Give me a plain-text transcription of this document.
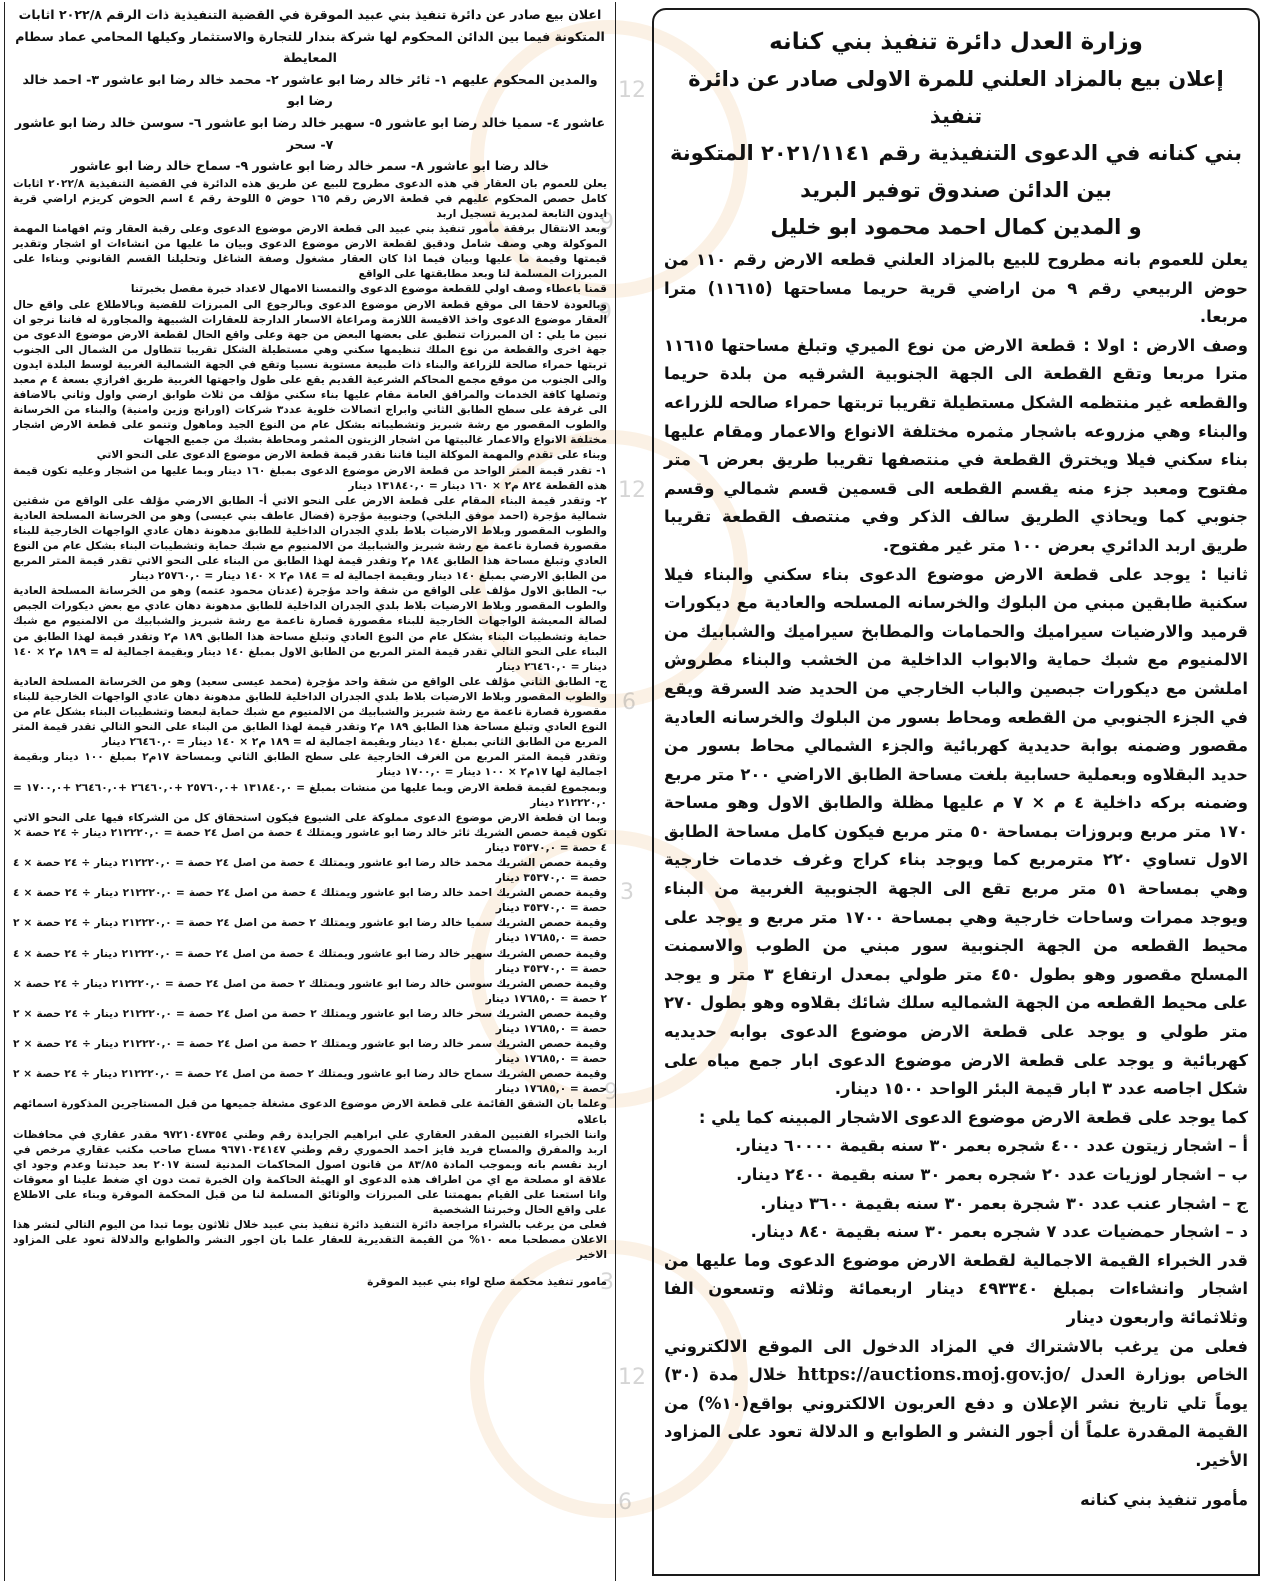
12
9
6
3
12
9
6
3
12
9

وزارة العدل دائرة تنفيذ بني كنانه

إعلان بيع بالمزاد العلني للمرة الاولى صادر عن دائرة تنفيذ

بني كنانه في الدعوى التنفيذية رقم ٢٠٢١/١١٤١ المتكونة

بين الدائن صندوق توفير البريد

و المدين كمال احمد محمود ابو خليل

يعلن للعموم بانه مطروح للبيع بالمزاد العلني قطعه الارض رقم ١١٠ من حوض الربيعي رقم ٩ من اراضي قرية حريما مساحتها (١١٦١٥) مترا مربعا.

وصف الارض : اولا : قطعة الارض من نوع الميري وتبلغ مساحتها ١١٦١٥ مترا مربعا وتقع القطعة الى الجهة الجنوبية الشرقيه من بلدة حريما والقطعه غير منتظمه الشكل مستطيلة تقريبا تربتها حمراء صالحه للزراعه والبناء وهي مزروعه باشجار مثمره مختلفة الانواع والاعمار ومقام عليها بناء سكني فيلا ويخترق القطعة في منتصفها تقريبا طريق بعرض ٦ متر مفتوح ومعبد جزء منه يقسم القطعه الى قسمين قسم شمالي وقسم جنوبي كما ويحاذي الطريق سالف الذكر وفي منتصف القطعة تقريبا طريق اربد الدائري بعرض ١٠٠ متر غير مفتوح.

ثانيا : يوجد على قطعة الارض موضوع الدعوى بناء سكني والبناء فيلا سكنية طابقين مبني من البلوك والخرسانه المسلحه والعادية مع ديكورات قرميد والارضيات سيراميك والحمامات والمطابخ سيراميك والشبابيك من الالمنيوم مع شبك حماية والابواب الداخلية من الخشب والبناء مطروش املشن مع ديكورات جبصين والباب الخارجي من الحديد ضد السرقة ويقع في الجزء الجنوبي من القطعه ومحاط بسور من البلوك والخرسانه العادية مقصور وضمنه بوابة حديدية كهربائية والجزء الشمالي محاط بسور من حديد البقلاوه وبعملية حسابية بلغت مساحة الطابق الاراضي ٢٠٠ متر مربع وضمنه بركه داخلية ٤ م × ٧ م عليها مظلة والطابق الاول وهو مساحة ١٧٠ متر مربع وبروزات بمساحة ٥٠ متر مربع فيكون كامل مساحة الطابق الاول تساوي ٢٢٠ مترمربع كما ويوجد بناء كراج وغرف خدمات خارجية وهي بمساحة ٥١ متر مربع تقع الى الجهة الجنوبية الغربية من البناء ويوجد ممرات وساحات خارجية وهي بمساحة ١٧٠٠ متر مربع و يوجد على محيط القطعه من الجهة الجنوبية سور مبني من الطوب والاسمنت المسلح مقصور وهو بطول ٤٥٠ متر طولي بمعدل ارتفاع ٣ متر و يوجد على محيط القطعه من الجهة الشماليه سلك شائك بقلاوه وهو بطول ٢٧٠ متر طولي و يوجد على قطعة الارض موضوع الدعوى بوابه حديديه كهربائية و يوجد على قطعة الارض موضوع الدعوى ابار جمع مياه على شكل اجاصه عدد ٣ ابار قيمة البئر الواحد ١٥٠٠ دينار.

كما يوجد على قطعة الارض موضوع الدعوى الاشجار المبينه كما يلي :

أ – اشجار زيتون عدد ٤٠٠ شجره بعمر ٣٠ سنه بقيمة ٦٠٠٠٠ دينار.

ب – اشجار لوزيات عدد ٢٠ شجره بعمر ٣٠ سنه بقيمة ٢٤٠٠ دينار.

ج – اشجار عنب عدد ٣٠ شجرة بعمر ٣٠ سنه بقيمة ٣٦٠٠ دينار.

د – اشجار حمضيات عدد ٧ شجره بعمر ٣٠ سنه بقيمة ٨٤٠ دينار.

قدر الخبراء القيمة الاجمالية لقطعة الارض موضوع الدعوى وما عليها من اشجار وانشاءات بمبلغ ٤٩٣٣٤٠ دينار اربعمائة وثلاثه وتسعون الفا وثلاثمائة واربعون دينار

فعلى من يرغب بالاشتراك في المزاد الدخول الى الموقع الالكتروني الخاص بوزارة العدل https://auctions.moj.gov.jo/ خلال مدة (٣٠) يوماً تلي تاريخ نشر الإعلان و دفع العربون الالكتروني بواقع(١٠%) من القيمة المقدرة علماً أن أجور النشر و الطوابع و الدلالة تعود على المزاود الأخير.

مأمور تنفيذ بني كنانه

اعلان بيع صادر عن دائرة تنفيذ بني عبيد الموقرة في القضية التنفيذية ذات الرقم ٢٠٢٢/٨ اثابات

المتكونة فيما بين الدائن المحكوم لها شركة بندار للتجارة والاستثمار وكيلها المحامي عماد سطام المعايطة

والمدين المحكوم عليهم ١- ثائر خالد رضا ابو عاشور ٢- محمد خالد رضا ابو عاشور ٣- احمد خالد رضا ابو

عاشور ٤- سميا خالد رضا ابو عاشور ٥- سهير خالد رضا ابو عاشور ٦- سوسن خالد رضا ابو عاشور ٧- سحر

خالد رضا ابو عاشور ٨- سمر خالد رضا ابو عاشور ٩- سماح خالد رضا ابو عاشور

يعلن للعموم بان العقار في هذه الدعوى مطروح للبيع عن طريق هذه الدائرة في القضية التنفيذية ٢٠٢٢/٨ اثابات كامل حصص المحكوم عليهم في قطعة الارض رقم ١٦٥ حوض ٥ اللوحة رقم ٤ اسم الحوض كريزم اراضي قرية ايدون التابعة لمديرية تسجيل اربد

وبعد الانتقال برفقة مأمور تنفيذ بني عبيد الى قطعة الارض موضوع الدعوى وعلى رقبة العقار وتم افهامنا المهمة الموكولة وهي وصف شامل ودقيق لقطعة الارض موضوع الدعوى وبيان ما عليها من انشاءات او اشجار وتقدير قيمتها وقيمة ما عليها وبيان فيما اذا كان العقار مشغول وصفة الشاغل وتحليلنا القسم القانوني وبناءا على المبرزات المسلمة لنا وبعد مطابقتها على الواقع

قمنا باعطاء وصف اولي للقطعة موضوع الدعوى والتمسنا الامهال لاعداد خبرة مفصل بخبرتنا

وبالعودة لاحقا الى موقع قطعة الارض موضوع الدعوى وبالرجوع الى المبرزات للقضية وبالاطلاع على واقع حال العقار موضوع الدعوى واخذ الاقيسة اللازمة ومراعاة الاسعار الدارجة للعقارات الشبيهة والمجاورة له فاننا نرجو ان نبين ما يلي : ان المبرزات تنطبق على بعضها البعض من جهة وعلى واقع الحال لقطعة الارض موضوع الدعوى من جهة اخرى والقطعة من نوع الملك تنظيمها سكني وهي مستطيلة الشكل تقريبا تتطاول من الشمال الى الجنوب تربتها حمراء صالحة للزراعة والبناء ذات طبيعة مستوية نسبيا وتقع في الجهة الشمالية الغربية لوسط البلدة ايدون والى الجنوب من موقع مجمع المحاكم الشرعية القديم يقع على طول واجهتها الغربية طريق افرازي بسعة ٤ م معبد وتصلها كافة الخدمات والمرافق العامة مقام عليها بناء سكني مؤلف من ثلاث طوابق ارضي واول وثاني بالاضافة الى غرفة على سطح الطابق الثاني وابراج اتصالات خلوية عدد٣ شركات (اورانج وزين وامنية) والبناء من الخرسانة والطوب المقصور مع رشة شبريز وتشطيباته بشكل عام من النوع الجيد وماهول وتنمو على قطعة الارض اشجار مختلفة الانواع والاعمار غالبيتها من اشجار الزيتون المثمر ومحاطة بشبك من جميع الجهات

وبناء على تقدم والمهمة الموكلة الينا فاننا نقدر قيمة قطعة الارض موضوع الدعوى على النحو الاتي

١- تقدر قيمة المتر الواحد من قطعة الارض موضوع الدعوى بمبلغ ١٦٠ دينار وبما عليها من اشجار وعليه تكون قيمة هذه القطعة ٨٢٤ م٢ × ١٦٠ دينار = ١٣١٨٤٠,٠ دينار

٢- وتقدر قيمة البناء المقام على قطعة الارض على النحو الاتي أ- الطابق الارضي مؤلف على الواقع من شقتين شمالية مؤجرة (احمد موفق البلخي) وجنوبية مؤجرة (فضال عاطف بني عيسى) وهو من الخرسانة المسلحة العادية والطوب المقصور وبلاط الارضيات بلاط بلدي الجدران الداخلية للطابق مدهونة دهان عادي الواجهات الخارجية للبناء مقصورة قصارة ناعمة مع رشة شبريز والشبابيك من الالمنيوم مع شبك حماية وتشطيبات البناء بشكل عام من النوع العادي وتبلغ مساحة هذا الطابق ١٨٤ م٢ وتقدر قيمة لهذا الطابق من البناء على النحو الاتي تقدر قيمة المتر المربع من الطابق الارضي بمبلغ ١٤٠ دينار وبقيمة اجمالية له = ١٨٤ م٢ × ١٤٠ دينار = ٢٥٧٦٠,٠ دينار

ب- الطابق الاول مؤلف على الواقع من شقة واحد مؤجرة (عدنان محمود عتمه) وهو من الخرسانة المسلحة العادية والطوب المقصور وبلاط الارضيات بلاط بلدي الجدران الداخلية للطابق مدهونة دهان عادي مع بعض ديكورات الجبص لصالة المعيشة الواجهات الخارجية للبناء مقصورة قصارة ناعمة مع رشة شبريز والشبابيك من الالمنيوم مع شبك حماية وتشطيبات البناء بشكل عام من النوع العادي وتبلغ مساحة هذا الطابق ١٨٩ م٢ وتقدر قيمة لهذا الطابق من البناء على النحو التالي تقدر قيمة المتر المربع من الطابق الاول بمبلغ ١٤٠ دينار وبقيمة اجمالية له = ١٨٩ م٢ × ١٤٠ دينار = ٢٦٤٦٠,٠ دينار

ج- الطابق الثاني مؤلف على الواقع من شقة واحد مؤجرة (محمد عيسى سعيد) وهو من الخرسانة المسلحة العادية والطوب المقصور وبلاط الارضيات بلاط بلدي الجدران الداخلية للطابق مدهونة دهان عادي الواجهات الخارجية للبناء مقصورة قصارة ناعمة مع رشة شبريز والشبابيك من الالمنيوم مع شبك حماية لبعضا وتشطيبات البناء بشكل عام من النوع العادي وتبلغ مساحة هذا الطابق ١٨٩ م٢ وتقدر قيمة لهذا الطابق من البناء على النحو التالي تقدر قيمة المتر المربع من الطابق الثاني بمبلغ ١٤٠ دينار وبقيمة اجمالية له = ١٨٩ م٢ × ١٤٠ دينار = ٢٦٤٦٠,٠ دينار

وتقدر قيمة المتر المربع من الغرف الخارجية على سطح الطابق الثاني وبمساحة ١٧م٢ بمبلغ ١٠٠ دينار وبقيمة اجمالية لها ١٧م٢ × ١٠٠ دينار = ١٧٠٠,٠ دينار

وبمجموع لقيمة قطعة الارض وبما عليها من منشات بمبلغ = ١٣١٨٤٠,٠ +٢٥٧٦٠,٠ +٢٦٤٦٠,٠ +٢٦٤٦٠,٠ +١٧٠٠,٠ = ٢١٢٢٢٠,٠ دينار

وبما ان قطعة الارض موضوع الدعوى مملوكة على الشيوع فيكون استحقاق كل من الشركاء فيها على النحو الاتي تكون قيمة حصص الشريك ثائر خالد رضا ابو عاشور ويمتلك ٤ حصة من اصل ٢٤ حصة = ٢١٢٢٢٠,٠ دينار ÷ ٢٤ حصة × ٤ حصة = ٣٥٣٧٠,٠ دينار

وقيمة حصص الشريك محمد خالد رضا ابو عاشور ويمتلك ٤ حصة من اصل ٢٤ حصة = ٢١٢٢٢٠,٠ دينار ÷ ٢٤ حصة × ٤ حصة = ٣٥٣٧٠,٠ دينار

وقيمة حصص الشريك احمد خالد رضا ابو عاشور ويمتلك ٤ حصة من اصل ٢٤ حصة = ٢١٢٢٢٠,٠ دينار ÷ ٢٤ حصة × ٤ حصة = ٣٥٣٧٠,٠ دينار

وقيمة حصص الشريك سميا خالد رضا ابو عاشور ويمتلك ٢ حصة من اصل ٢٤ حصة = ٢١٢٢٢٠,٠ دينار ÷ ٢٤ حصة × ٢ حصة = ١٧٦٨٥,٠ دينار

وقيمة حصص الشريك سهير خالد رضا ابو عاشور ويمتلك ٤ حصة من اصل ٢٤ حصة = ٢١٢٢٢٠,٠ دينار ÷ ٢٤ حصة × ٤ حصة = ٣٥٣٧٠,٠ دينار

وقيمة حصص الشريك سوسن خالد رضا ابو عاشور ويمتلك ٢ حصة من اصل ٢٤ حصة = ٢١٢٢٢٠,٠ دينار ÷ ٢٤ حصة × ٢ حصة = ١٧٦٨٥,٠ دينار

وقيمة حصص الشريك سحر خالد رضا ابو عاشور ويمتلك ٢ حصة من اصل ٢٤ حصة = ٢١٢٢٢٠,٠ دينار ÷ ٢٤ حصة × ٢ حصة = ١٧٦٨٥,٠ دينار

وقيمة حصص الشريك سمر خالد رضا ابو عاشور ويمتلك ٢ حصة من اصل ٢٤ حصة = ٢١٢٢٢٠,٠ دينار ÷ ٢٤ حصة × ٢ حصة = ١٧٦٨٥,٠ دينار

وقيمة حصص الشريك سماح خالد رضا ابو عاشور ويمتلك ٢ حصة من اصل ٢٤ حصة = ٢١٢٢٢٠,٠ دينار ÷ ٢٤ حصة × ٢ حصة = ١٧٦٨٥,٠ دينار

وعلما بان الشقق القائمة على قطعة الارض موضوع الدعوى مشغلة جميعها من قبل المستاجرين المذكورة اسمائهم باعلاه

واننا الخبراء الفنيين المقدر العقاري علي ابراهيم الجرايدة رقم وطني ٩٧٢١٠٤٧٣٥٤ مقدر عقاري في محافظات اربد والمفرق والمساح فريد فايز احمد الحموري رقم وطني ٩٦٧١٠٣٤١٤٧ مساح صاحب مكتب عقاري مرخص في اربد نقسم بانه وبموجب المادة ٨٣/٨٥ من قانون اصول المحاكمات المدنية لسنة ٢٠١٧ بعد حيدتنا وعدم وجود اي علاقة او مصلحة مع اي من اطراف هذه الدعوى او الهيئة الحاكمة وان الخبرة تمت دون اي ضغط علينا او معوقات وانا استعنا على القيام بمهمتنا على المبرزات والوثائق المسلمة لنا من قبل المحكمة الموقرة وبناء على الاطلاع على واقع الحال وخبرتنا الشخصية

فعلى من يرغب بالشراء مراجعة دائرة التنفيذ دائرة تنفيذ بني عبيد خلال ثلاثون يوما تبدا من اليوم التالي لنشر هذا الاعلان مصطحبا معه ١٠% من القيمة التقديرية للعقار علما بان اجور النشر والطوابع والدلالة تعود على المزاود الاخير

مامور تنفيذ محكمة صلح لواء بني عبيد الموقرة
